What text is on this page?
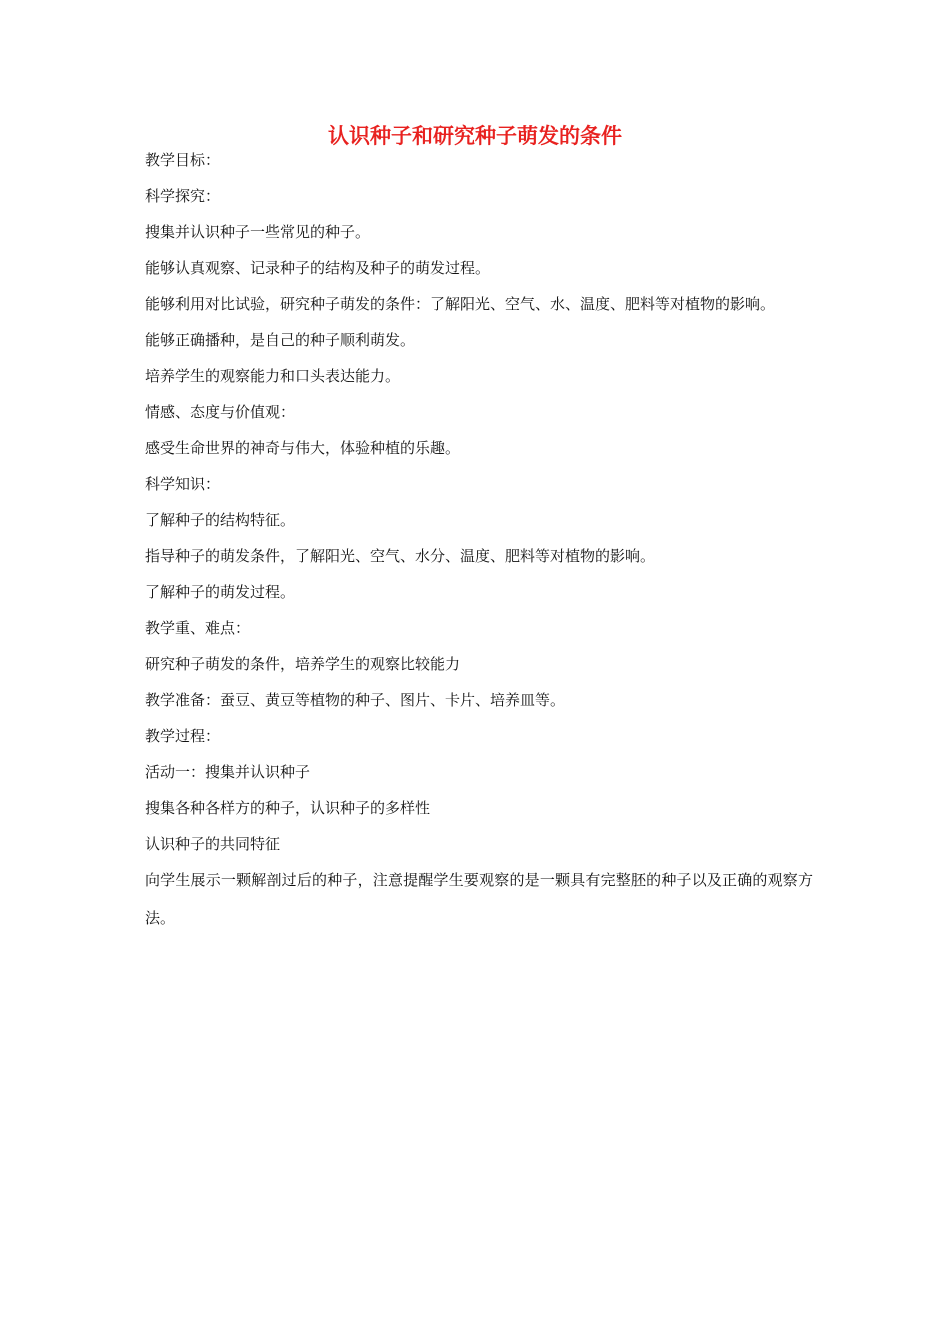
认识种子和研究种子萌发的条件

教学目标：

科学探究：

搜集并认识种子一些常见的种子。

能够认真观察、记录种子的结构及种子的萌发过程。

能够利用对比试验，研究种子萌发的条件：了解阳光、空气、水、温度、肥料等对植物的影响。

能够正确播种，是自己的种子顺利萌发。

培养学生的观察能力和口头表达能力。

情感、态度与价值观：

感受生命世界的神奇与伟大，体验种植的乐趣。

科学知识：

了解种子的结构特征。

指导种子的萌发条件，了解阳光、空气、水分、温度、肥料等对植物的影响。

了解种子的萌发过程。

教学重、难点：

研究种子萌发的条件，培养学生的观察比较能力

教学准备：蚕豆、黄豆等植物的种子、图片、卡片、培养皿等。

教学过程：

活动一：搜集并认识种子

搜集各种各样方的种子，认识种子的多样性

认识种子的共同特征

向学生展示一颗解剖过后的种子，注意提醒学生要观察的是一颗具有完整胚的种子以及正确的观察方法。
